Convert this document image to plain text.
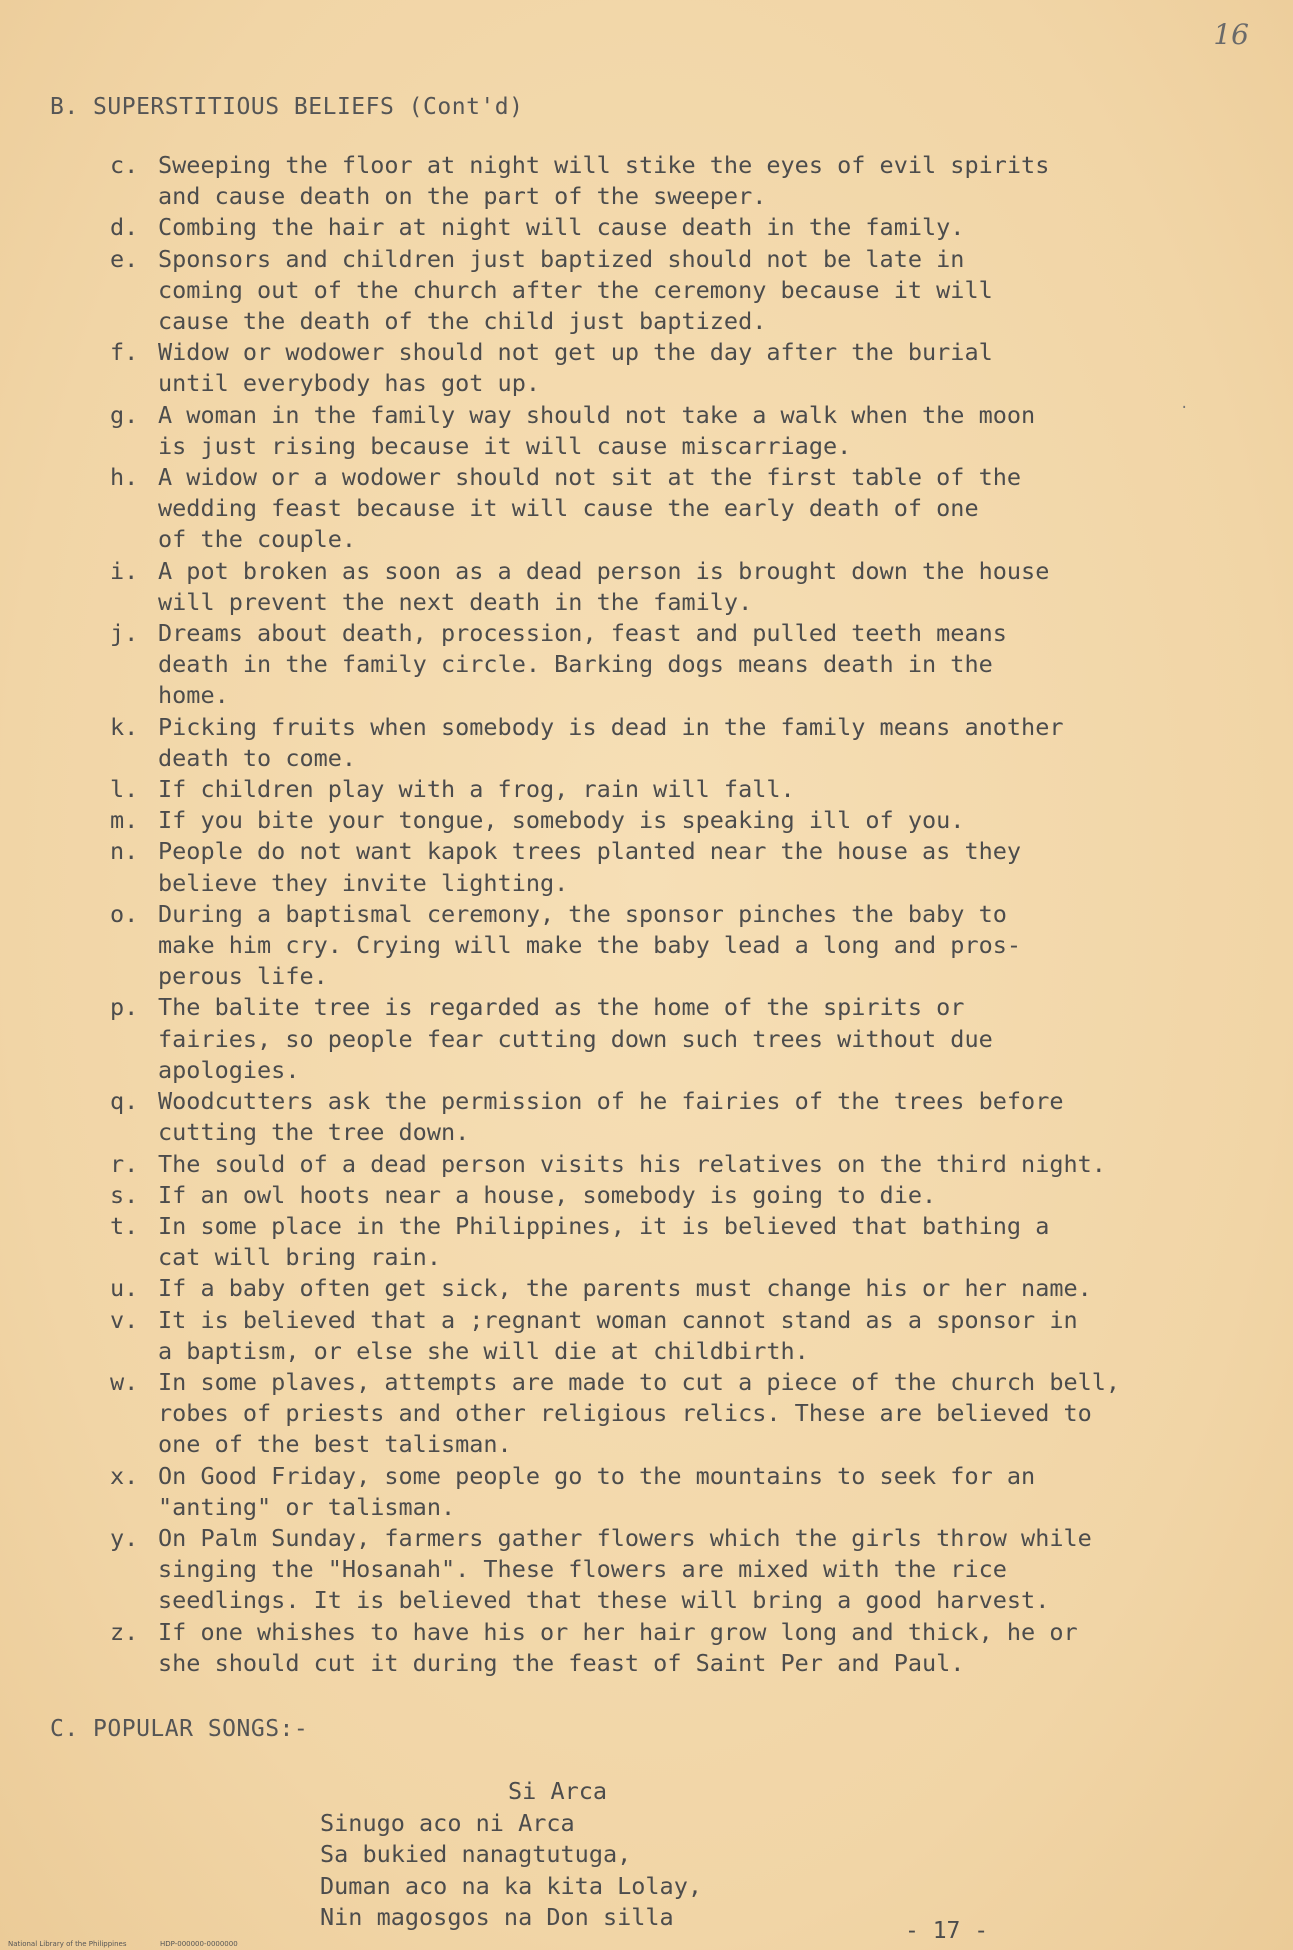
16
B. SUPERSTITIOUS BELIEFS (Cont'd)
c. Sweeping the floor at night will stike the eyes of evil spirits
and cause death on the part of the sweeper.
d. Combing the hair at night will cause death in the family.
e. Sponsors and children just baptized should not be late in
coming out of the church after the ceremony because it will
cause the death of the child just baptized.
f. Widow or wodower should not get up the day after the burial
until everybody has got up.
g. A woman in the family way should not take a walk when the moon
is just rising because it will cause miscarriage.
h. A widow or a wodower should not sit at the first table of the
wedding feast because it will cause the early death of one
of the couple.
i. A pot broken as soon as a dead person is brought down the house
will prevent the next death in the family.
j. Dreams about death, procession, feast and pulled teeth means
death in the family circle. Barking dogs means death in the
home.
k. Picking fruits when somebody is dead in the family means another
death to come.
l. If children play with a frog, rain will fall.
m. If you bite your tongue, somebody is speaking ill of you.
n. People do not want kapok trees planted near the house as they
believe they invite lighting.
o. During a baptismal ceremony, the sponsor pinches the baby to
make him cry. Crying will make the baby lead a long and pros-
perous life.
p. The balite tree is regarded as the home of the spirits or
fairies, so people fear cutting down such trees without due
apologies.
q. Woodcutters ask the permission of he fairies of the trees before
cutting the tree down.
r. The sould of a dead person visits his relatives on the third night.
s. If an owl hoots near a house, somebody is going to die.
t. In some place in the Philippines, it is believed that bathing a
cat will bring rain.
u. If a baby often get sick, the parents must change his or her name.
v. It is believed that a ;regnant woman cannot stand as a sponsor in
a baptism, or else she will die at childbirth.
w. In some plaves, attempts are made to cut a piece of the church bell,
robes of priests and other religious relics. These are believed to
one of the best talisman.
x. On Good Friday, some people go to the mountains to seek for an
"anting" or talisman.
y. On Palm Sunday, farmers gather flowers which the girls throw while
singing the "Hosanah". These flowers are mixed with the rice
seedlings. It is believed that these will bring a good harvest.
z. If one whishes to have his or her hair grow long and thick, he or
she should cut it during the feast of Saint Per and Paul.
·
C. POPULAR SONGS:-
Si Arca
Sinugo aco ni Arca
Sa bukied nanagtutuga,
Duman aco na ka kita Lolay,
Nin magosgos na Don silla
National Library of the Philippines	HDP-000000-0000000	- 17 -
